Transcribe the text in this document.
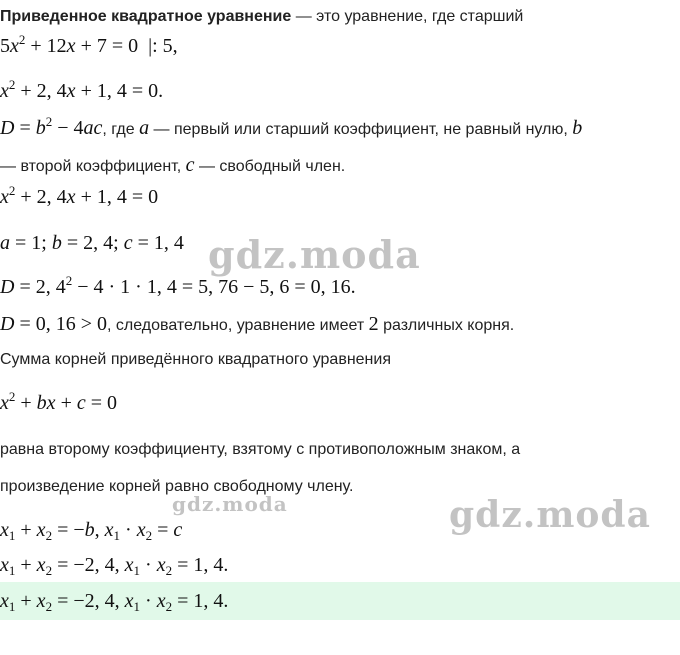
Приведенное квадратное уравнение — это уравнение, где старший
$5x^2 + 12x + 7 = 0$  |: 5,
$x^2 + 2$, 4x + 1, 4 = 0.
$D = b^2 - 4ac$, где a — первый или старший коэффициент, не равный нулю, b
— второй коэффициент, c — свободный член.
$x^2 + 2$, 4x + 1, 4 = 0
a = 1; b = 2, 4; c = 1, 4
D = 2, $4^2 - 4 \cdot 1 \cdot 1$, 4 = 5, 76 − 5, 6 = 0, 16.
D = 0, 16 > 0, следовательно, уравнение имеет 2 различных корня.
Сумма корней приведённого квадратного уравнения
$x^2$ + bx + c = 0
равна второму коэффициенту, взятому с противоположным знаком, а
произведение корней равно свободному члену.
$x_1 + x_2 = -b$, $x_1 \cdot x_2 = c$
$x_1 + x_2 = -2$, 4, $x_1 \cdot x_2 = 1$, 4.
$x_1 + x_2 = -2$, 4, $x_1 \cdot x_2 = 1$, 4.
gdz.moda
gdz.moda
gdz.moda
